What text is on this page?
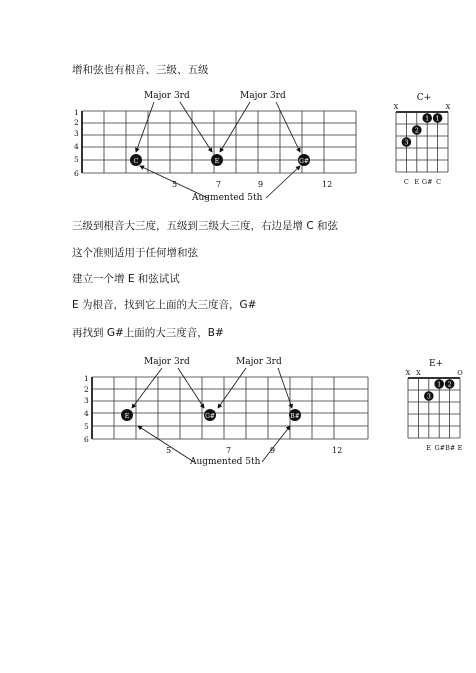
增和弦也有根音、三级、五级
三级到根音大三度，五级到三级大三度，右边是增 C 和弦
这个准则适用于任何增和弦
建立一个增 E 和弦试试
E 为根音，找到它上面的大三度音，G#
再找到 G#上面的大三度音，B#
1
2
3
4
5
6
Major 3rd	Major 3rd
C	E	G#
5	7	9	12
Augmented 5th
C+
X	X
1 1
2
3
C E G# C
1
2
3
4
5
6
Major 3rd	Major 3rd
E	G#	B#
5	7	9	12
Augmented 5th
E+
X X	O
1 2
3
E G# B# E
